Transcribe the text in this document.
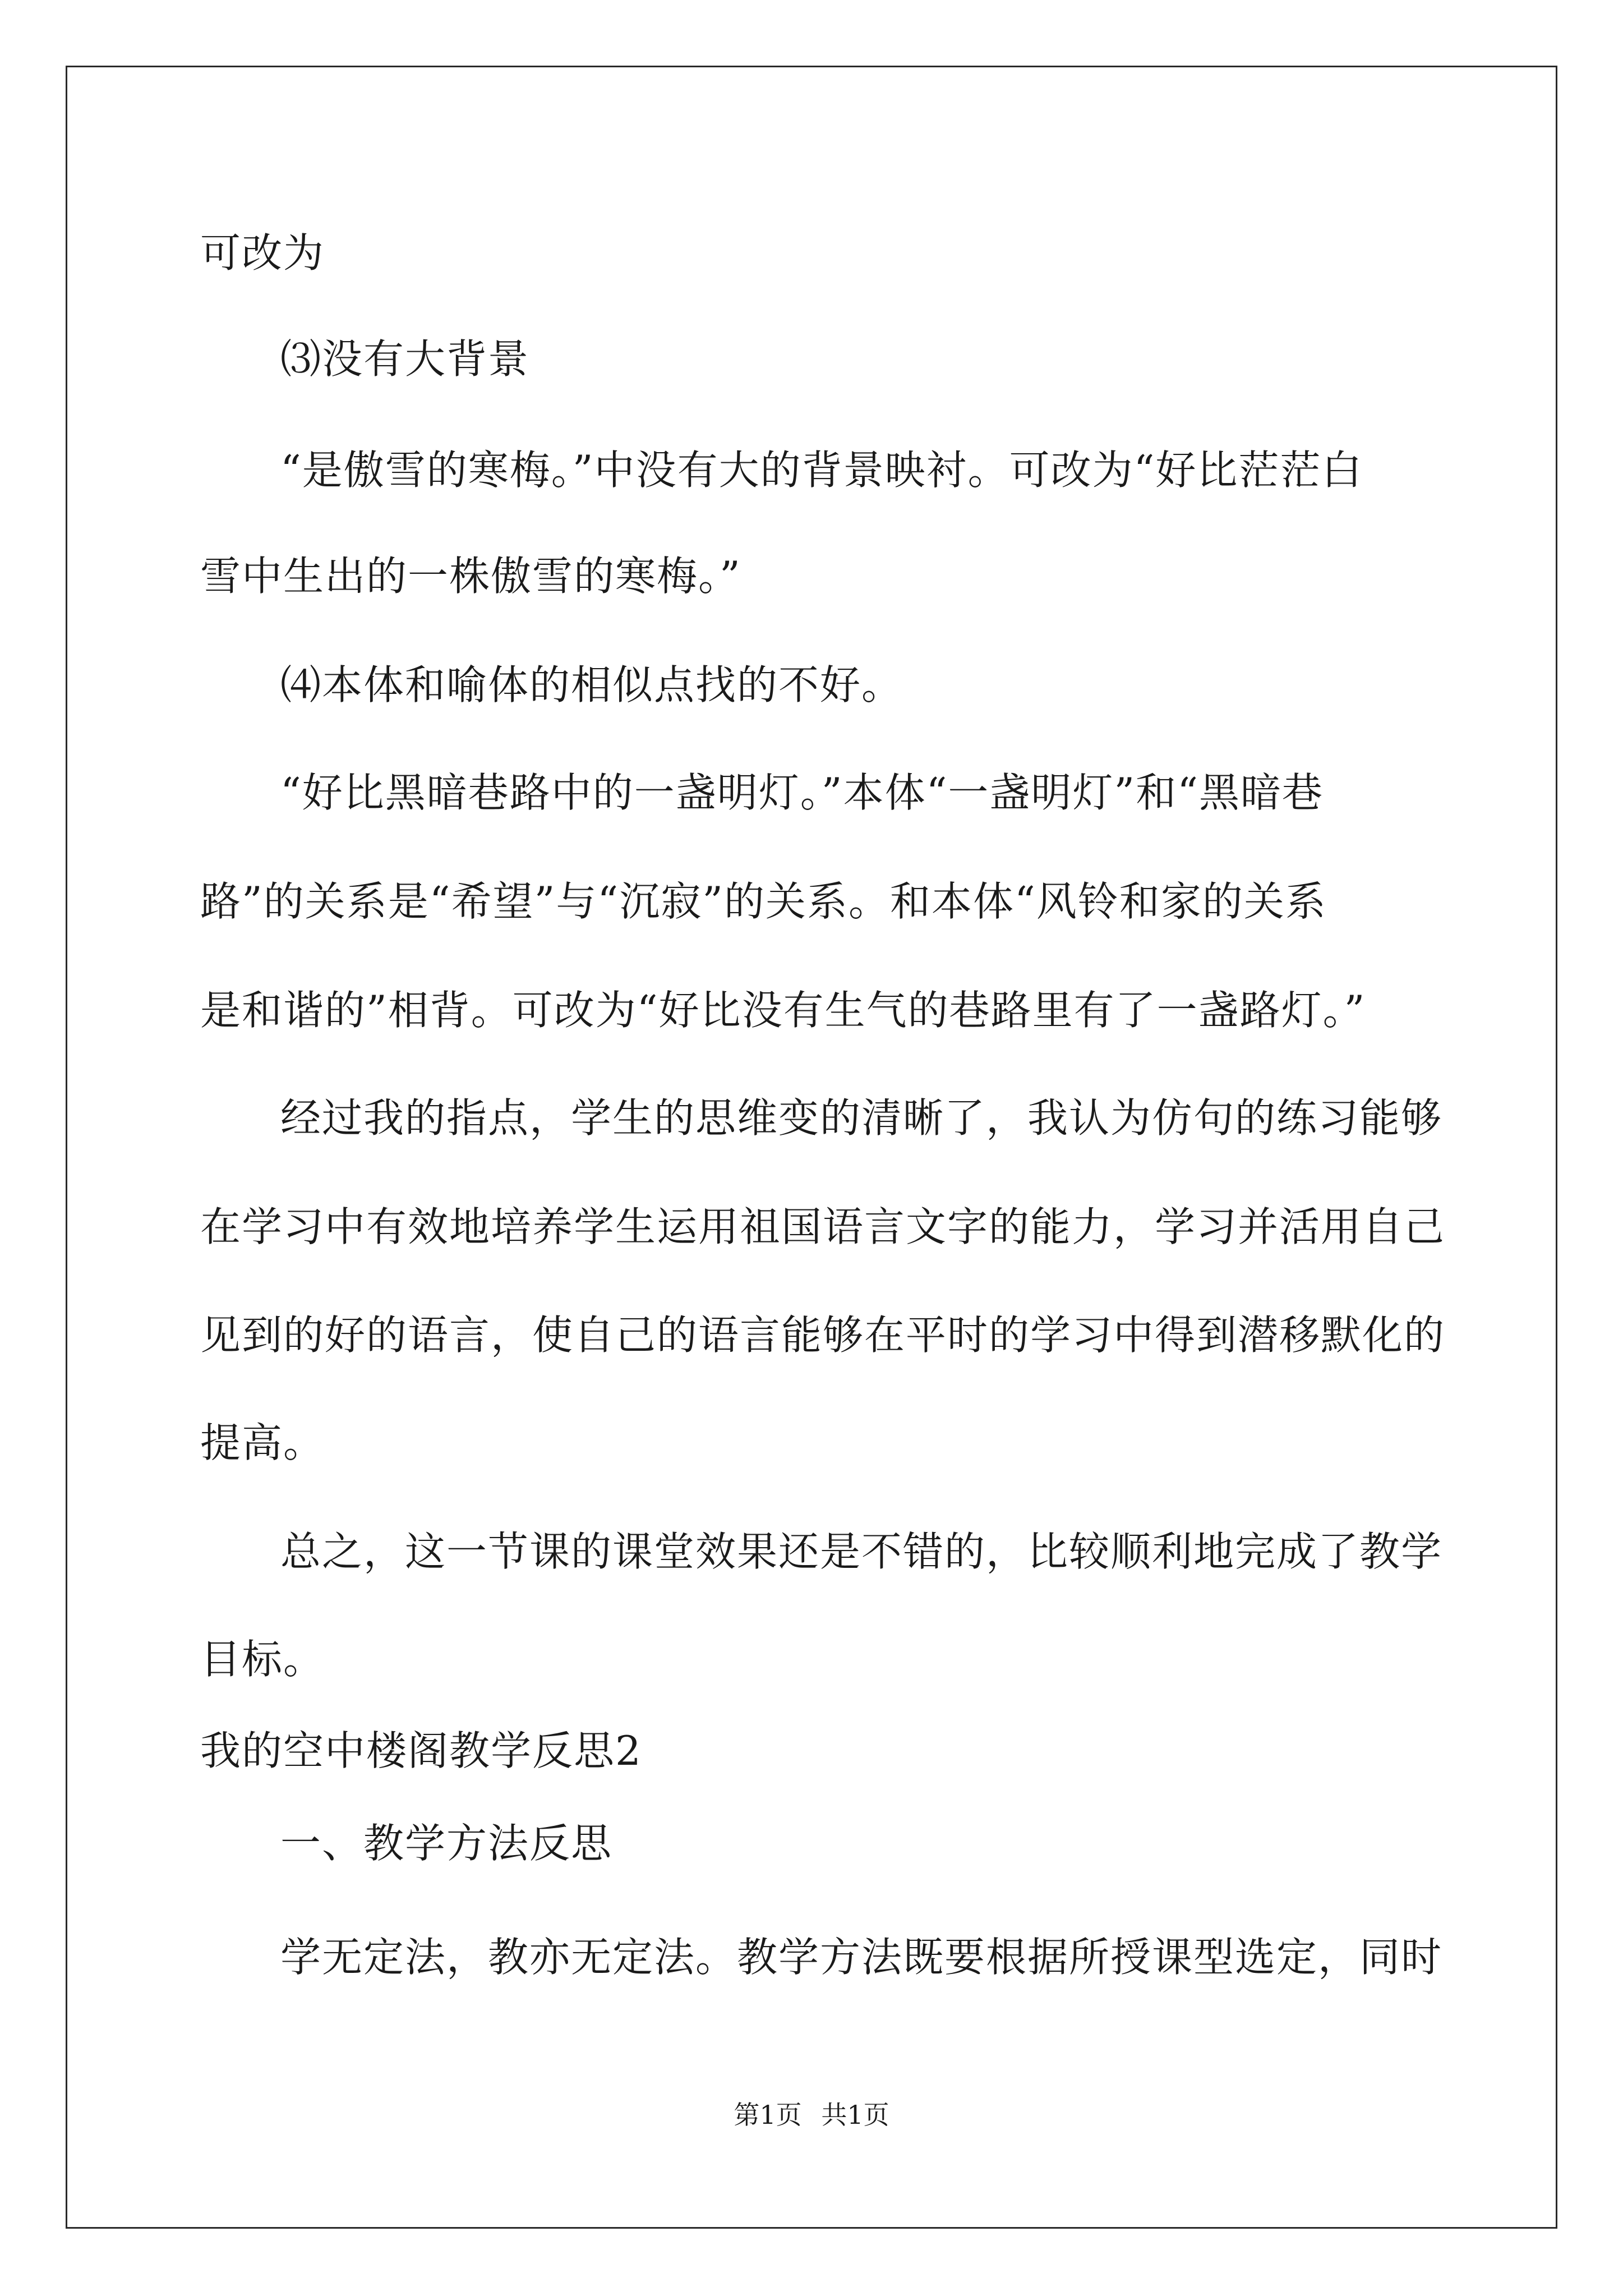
可改为
⑶没有大背景
“是傲雪的寒梅。”中没有大的背景映衬。可改为“好比茫茫白
雪中生出的一株傲雪的寒梅。”
⑷本体和喻体的相似点找的不好。
“好比黑暗巷路中的一盏明灯。”本体“一盏明灯”和“黑暗巷
路”的关系是“希望”与“沉寂”的关系。和本体“风铃和家的关系
是和谐的”相背。可改为“好比没有生气的巷路里有了一盏路灯。”
经过我的指点，学生的思维变的清晰了，我认为仿句的练习能够
在学习中有效地培养学生运用祖国语言文字的能力，学习并活用自己
见到的好的语言，使自己的语言能够在平时的学习中得到潜移默化的
提高。
总之，这一节课的课堂效果还是不错的，比较顺利地完成了教学
目标。
我的空中楼阁教学反思2
一、教学方法反思
学无定法，教亦无定法。教学方法既要根据所授课型选定，同时
第1页 共1页
